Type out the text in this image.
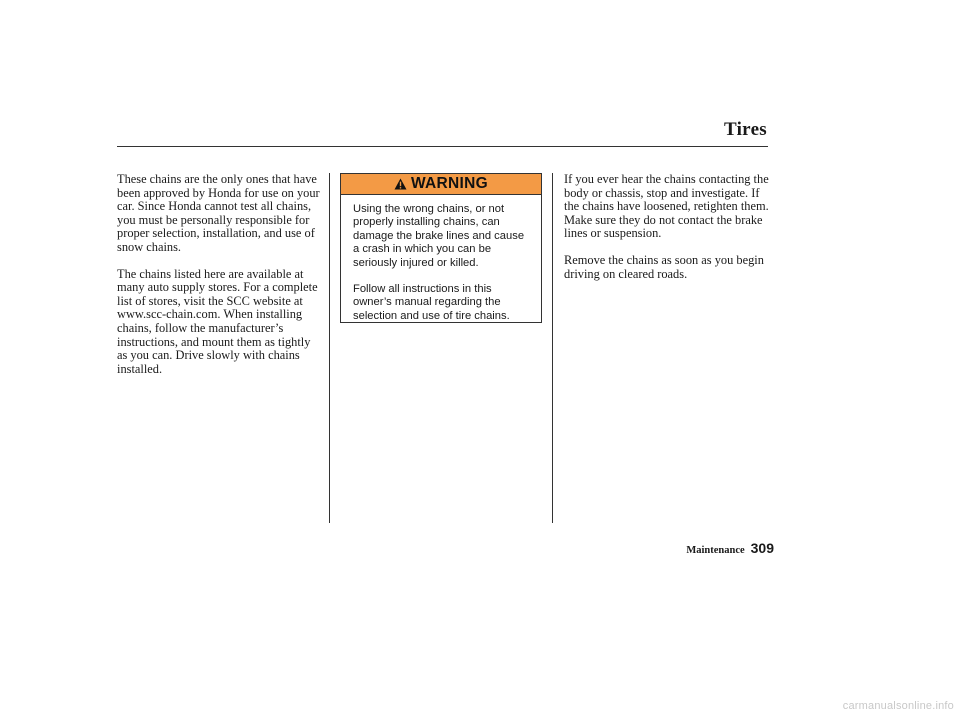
Tires

These chains are the only ones that have been approved by Honda for use on your car. Since Honda cannot test all chains, you must be personally responsible for proper selection, installation, and use of snow chains.

The chains listed here are available at many auto supply stores. For a complete list of stores, visit the SCC website at www.scc-chain.com. When installing chains, follow the manufacturer’s instructions, and mount them as tightly as you can. Drive slowly with chains installed.

WARNING

Using the wrong chains, or not properly installing chains, can damage the brake lines and cause a crash in which you can be seriously injured or killed.

Follow all instructions in this owner’s manual regarding the selection and use of tire chains.

If you ever hear the chains contacting the body or chassis, stop and investigate. If the chains have loosened, retighten them. Make sure they do not contact the brake lines or suspension.

Remove the chains as soon as you begin driving on cleared roads.

Maintenance 309
carmanualsonline.info
